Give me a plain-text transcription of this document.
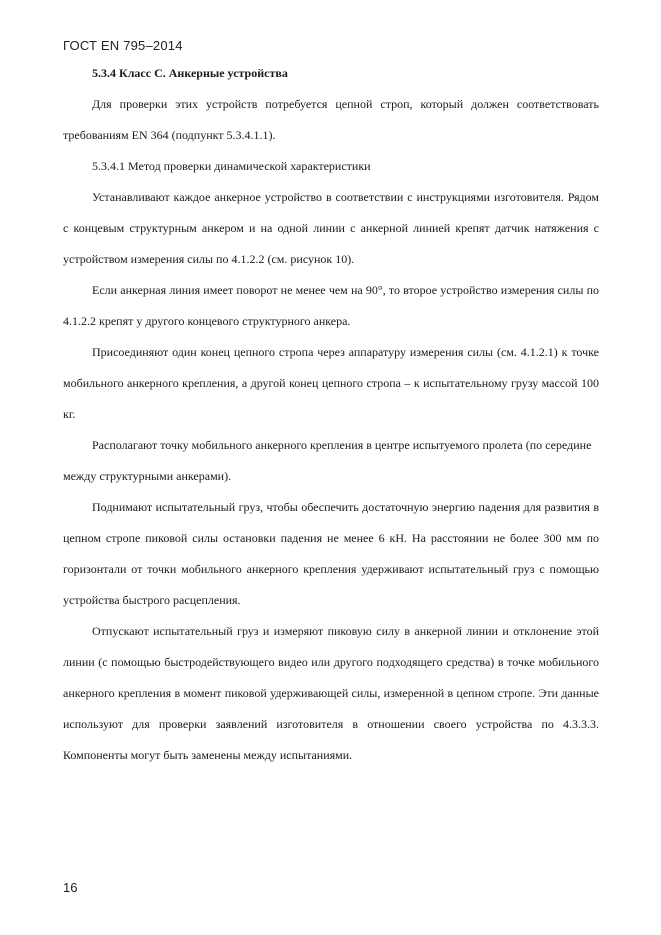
ГОСТ EN 795–2014

5.3.4 Класс С. Анкерные устройства

Для проверки этих устройств потребуется цепной строп, который должен соответствовать требованиям EN 364 (подпункт 5.3.4.1.1).

5.3.4.1 Метод проверки динамической характеристики

Устанавливают каждое анкерное устройство в соответствии с инструкциями изготовителя. Рядом с концевым структурным анкером и на одной линии с анкерной линией крепят датчик натяжения с устройством измерения силы по 4.1.2.2 (см. рисунок 10).

Если анкерная линия имеет поворот не менее чем на 90°, то второе устройство измерения силы по 4.1.2.2 крепят у другого концевого структурного анкера.

Присоединяют один конец цепного стропа через аппаратуру измерения силы (см. 4.1.2.1) к точке мобильного анкерного крепления, а другой конец цепного стропа – к испытательному грузу массой 100 кг.

Располагают точку мобильного анкерного крепления в центре испытуемого пролета (по середине между структурными анкерами).

Поднимают испытательный груз, чтобы обеспечить достаточную энергию падения для развития в цепном стропе пиковой силы остановки падения не менее 6 кН. На расстоянии не более 300 мм по горизонтали от точки мобильного анкерного крепления удерживают испытательный груз с помощью устройства быстрого расцепления.

Отпускают испытательный груз и измеряют пиковую силу в анкерной линии и отклонение этой линии (с помощью быстродействующего видео или другого подходящего средства) в точке мобильного анкерного крепления в момент пиковой удерживающей силы, измеренной в цепном стропе. Эти данные используют для проверки заявлений изготовителя в отношении своего устройства по 4.3.3.3. Компоненты могут быть заменены между испытаниями.

16
